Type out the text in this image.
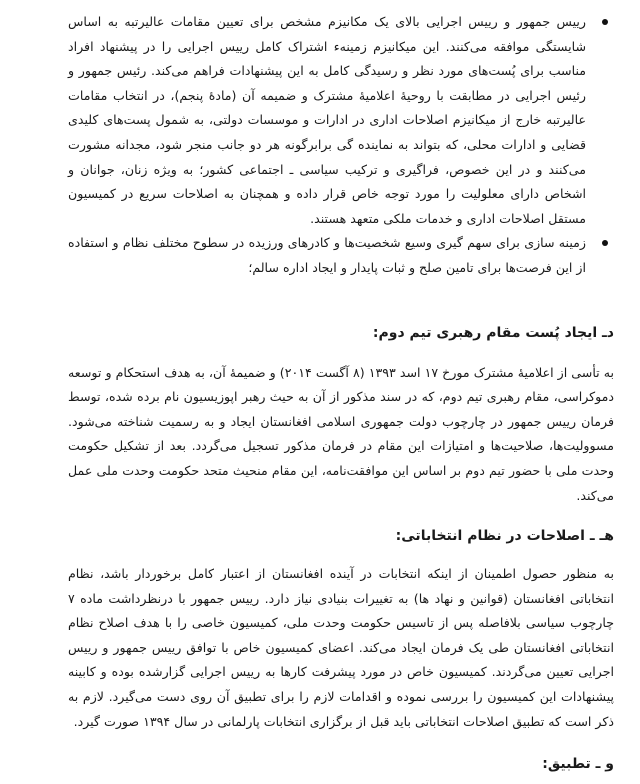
رییس جمهور و رییس اجرایی بالای یک مکانیزم مشخص برای تعیین مقامات عالیرتبه به اساس شایستگی موافقه می‌کنند. این میکانیزم زمینهء اشتراک کامل رییس اجرایی را در پیشنهاد افراد مناسب برای پُست‌های مورد نظر و رسیدگی کامل به این پیشنهادات فراهم می‌کند. رئیس جمهور و رئیس اجرایی در مطابقت با روحیهٔ اعلامیهٔ مشترک و ضمیمه آن (مادهٔ پنجم)، در انتخاب مقامات عالیرتبه خارج از میکانیزم اصلاحات اداری در ادارات و موسسات دولتی، به شمول پست‌های کلیدی قضایی و ادارات محلی، که بتواند به نماینده گی برابرگونه هر دو جانب منجر شود، مجدانه مشورت می‌کنند و در این خصوص، فراگیری و ترکیب سیاسی ـ اجتماعی کشور؛ به ویژه زنان، جوانان و اشخاص دارای معلولیت را مورد توجه خاص قرار داده و همچنان به اصلاحات سریع در کمیسیون مستقل اصلاحات اداری و خدمات ملکی متعهد هستند.

زمینه سازی برای سهم گیری وسیع شخصیت‌ها و کادرهای ورزیده در سطوح مختلف نظام و استفاده از این فرصت‌ها برای تامین صلح و ثبات پایدار و ایجاد اداره سالم؛

دـ ایجاد پُست مقام رهبری تیم دوم:

به تأسی از اعلامیهٔ مشترک مورخ ۱۷ اسد ۱۳۹۳ (۸ آگست ۲۰۱۴) و ضمیمهٔ آن، به هدف استحکام و توسعه دموکراسی، مقام رهبری تیم دوم، که در سند مذکور از آن به حیث رهبر اپوزیسیون نام برده شده، توسط فرمان رییس جمهور در چارچوب دولت جمهوری اسلامی افغانستان ایجاد و به رسمیت شناخته می‌شود. مسوولیت‌ها، صلاحیت‌ها و امتیازات این مقام در فرمان مذکور تسجیل می‌گردد. بعد از تشکیل حکومت وحدت ملی با حضور تیم دوم بر اساس این موافقت‌نامه، این مقام منحیث متحد حکومت وحدت ملی عمل می‌کند.

هـ ـ اصلاحات در نظام انتخاباتی:

به منظور حصول اطمینان از اینکه انتخابات در آینده افغانستان از اعتبار کامل برخوردار باشد، نظام انتخاباتی افغانستان (قوانین و نهاد ها) به تغییرات بنیادی نیاز دارد. رییس جمهور با درنظرداشت ماده ۷ چارچوب سیاسی بلافاصله پس از تاسیس حکومت وحدت ملی، کمیسیون خاصی را با هدف اصلاح نظام انتخاباتی افغانستان طی یک فرمان ایجاد می‌کند. اعضای کمیسیون خاص با توافق رییس جمهور و رییس اجرایی تعیین می‌گردند. کمیسیون خاص در مورد پیشرفت کارها به رییس اجرایی گزارشده بوده و کابینه پیشنهادات این کمیسیون را بررسی نموده و اقدامات لازم را برای تطبیق آن روی دست می‌گیرد. لازم به ذکر است که تطبیق اصلاحات انتخاباتی باید قبل از برگزاری انتخابات پارلمانی در سال ۱۳۹۴ صورت گیرد.

و ـ تطبیق:
